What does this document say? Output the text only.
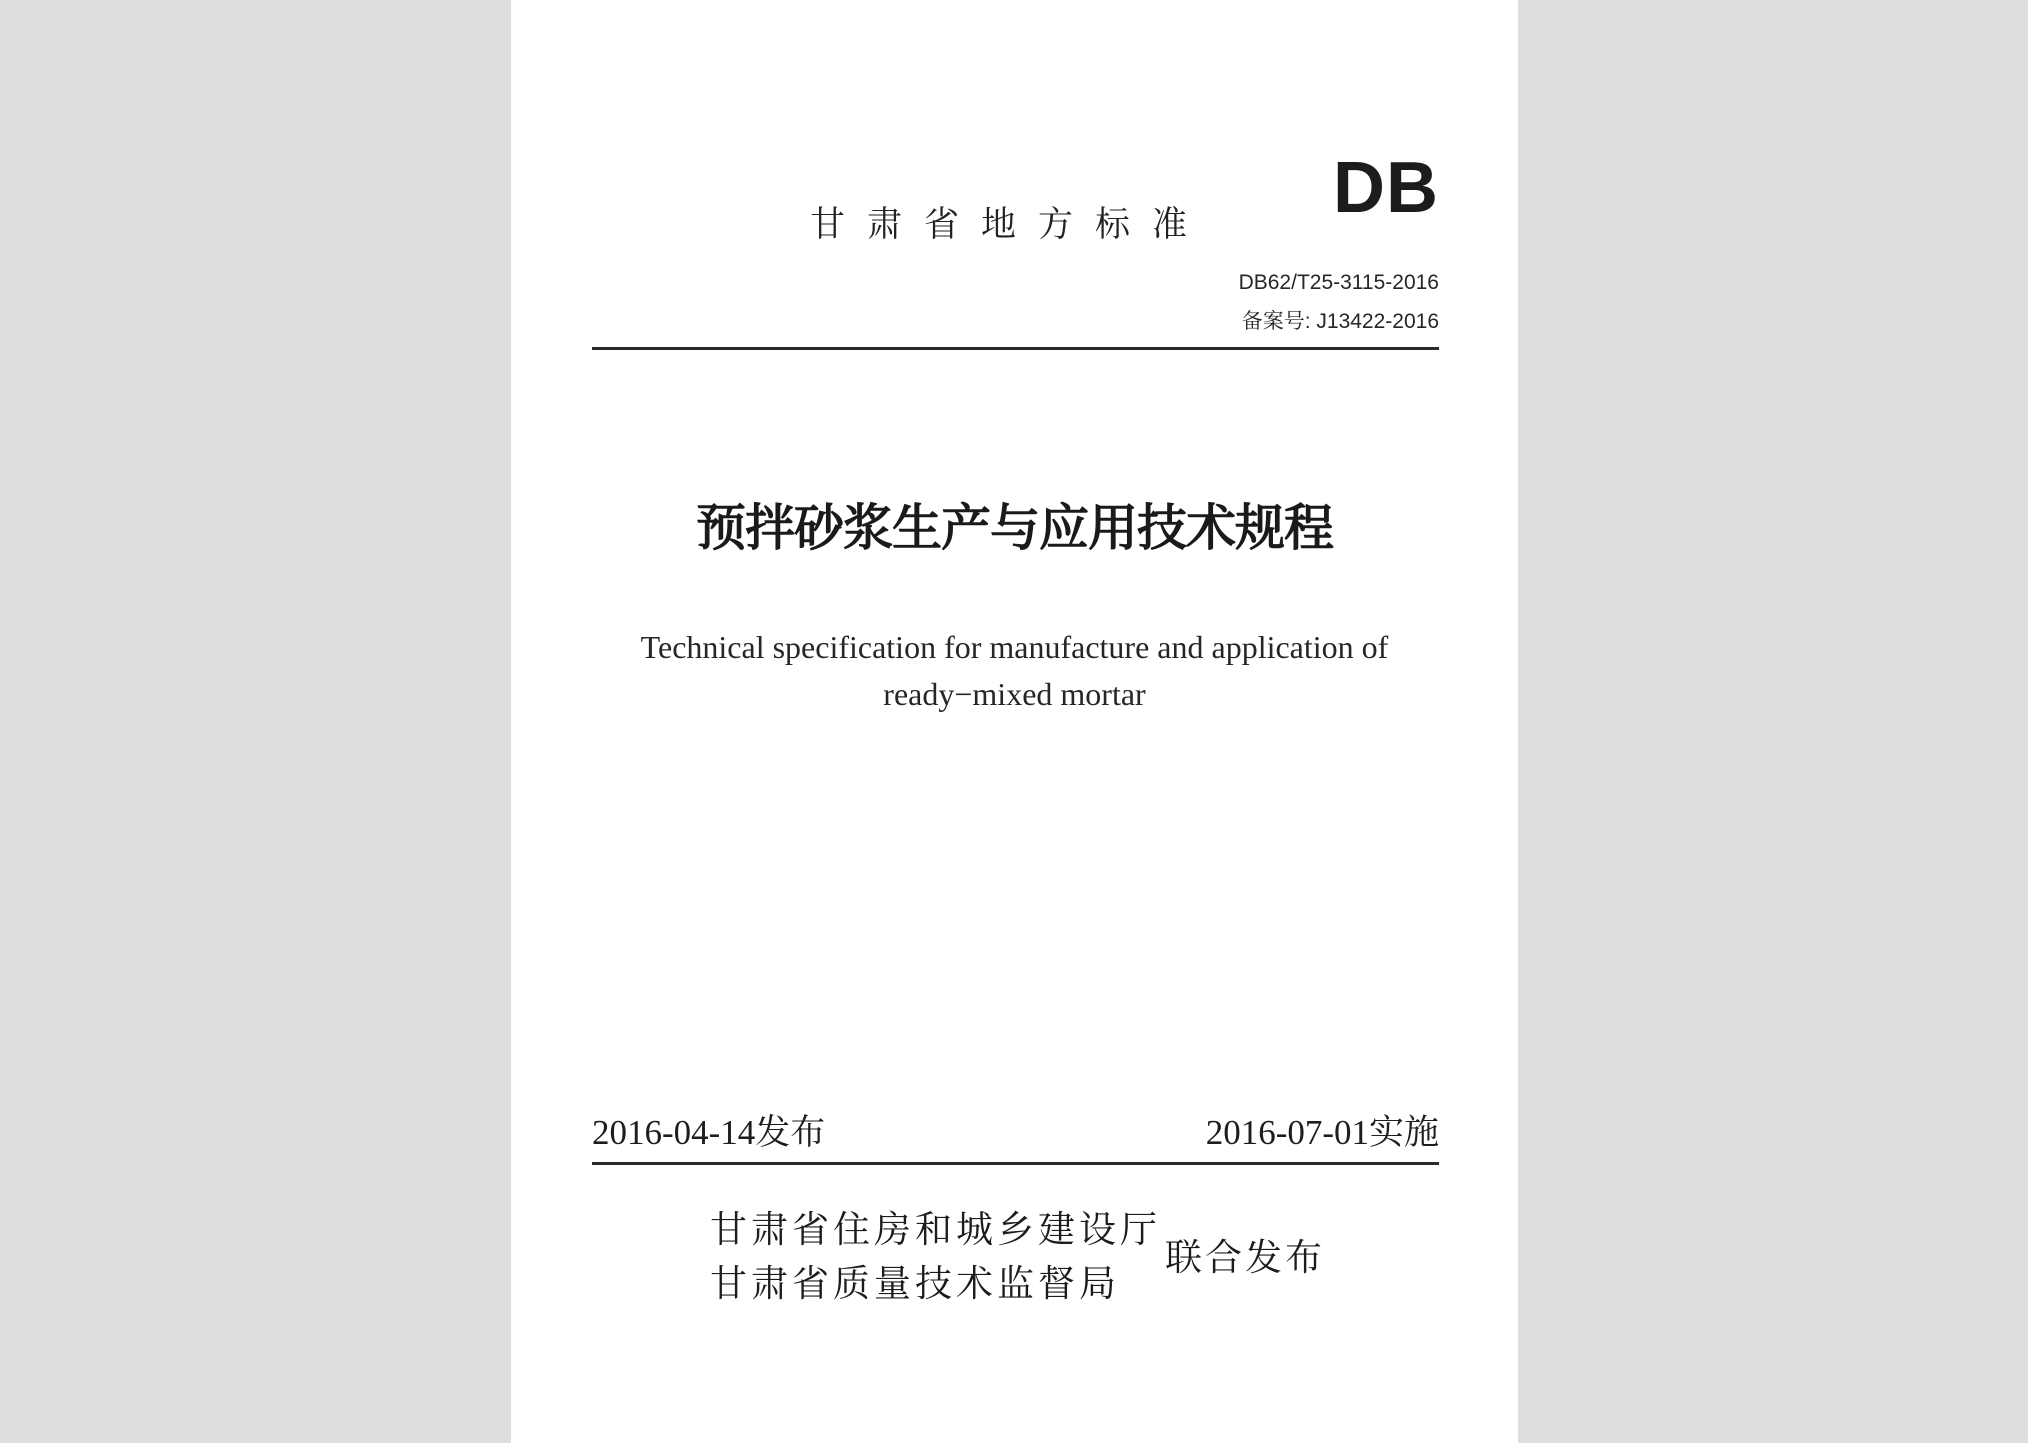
DB
甘肃省地方标准
DB62/T25-3115-2016
备案号: J13422-2016
预拌砂浆生产与应用技术规程
Technical specification for manufacture and application of
ready−mixed mortar
2016-04-14发布	2016-07-01实施
甘肃省住房和城乡建设厅
甘肃省质量技术监督局
联合发布
